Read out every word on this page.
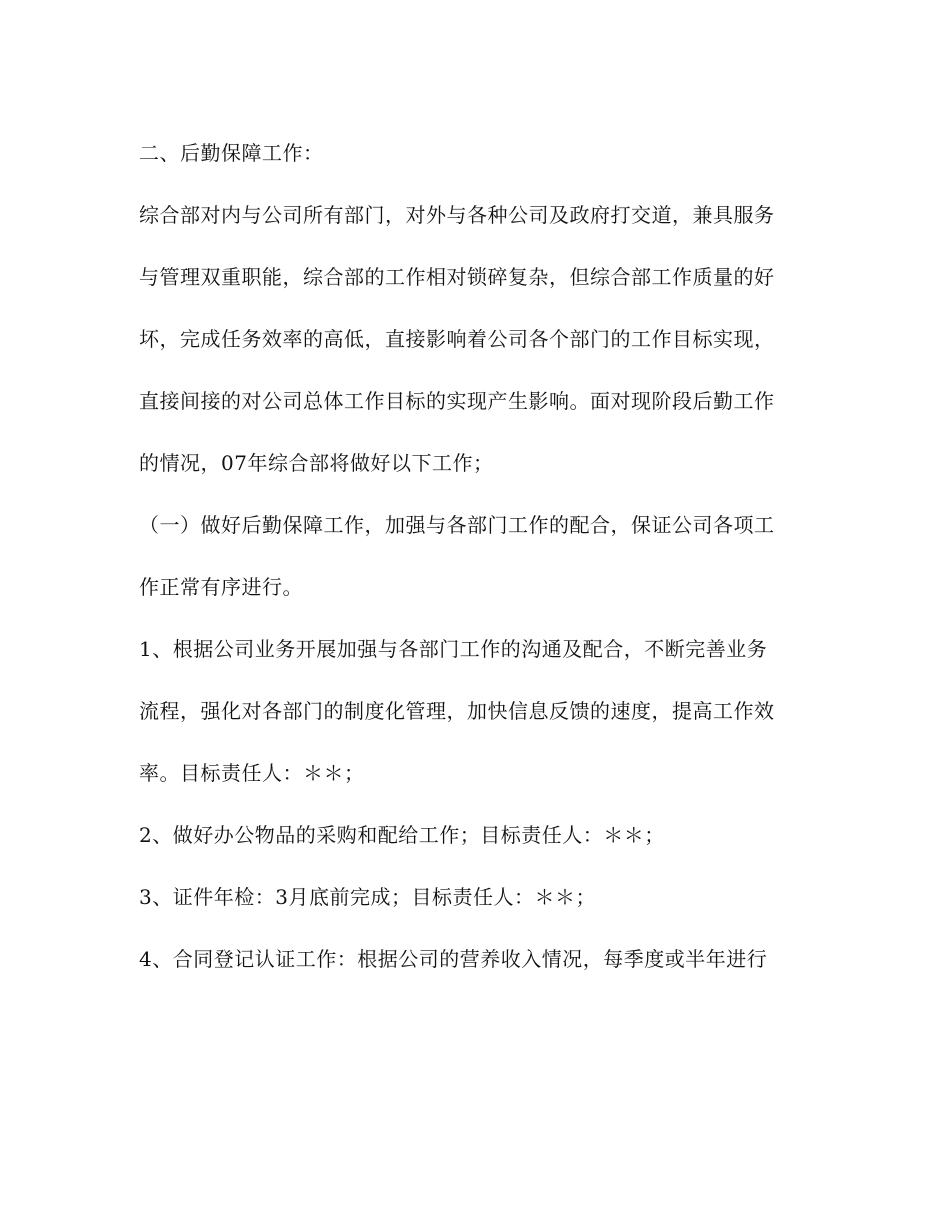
二、后勤保障工作：

综合部对内与公司所有部门，对外与各种公司及政府打交道，兼具服务

与管理双重职能，综合部的工作相对锁碎复杂，但综合部工作质量的好

坏，完成任务效率的高低，直接影响着公司各个部门的工作目标实现，

直接间接的对公司总体工作目标的实现产生影响。面对现阶段后勤工作

的情况，07年综合部将做好以下工作；

（一）做好后勤保障工作，加强与各部门工作的配合，保证公司各项工

作正常有序进行。

1、根据公司业务开展加强与各部门工作的沟通及配合，不断完善业务

流程，强化对各部门的制度化管理，加快信息反馈的速度，提高工作效

率。目标责任人：＊＊；

2、做好办公物品的采购和配给工作；目标责任人：＊＊；

3、证件年检：3月底前完成；目标责任人：＊＊；

4、合同登记认证工作：根据公司的营养收入情况，每季度或半年进行
